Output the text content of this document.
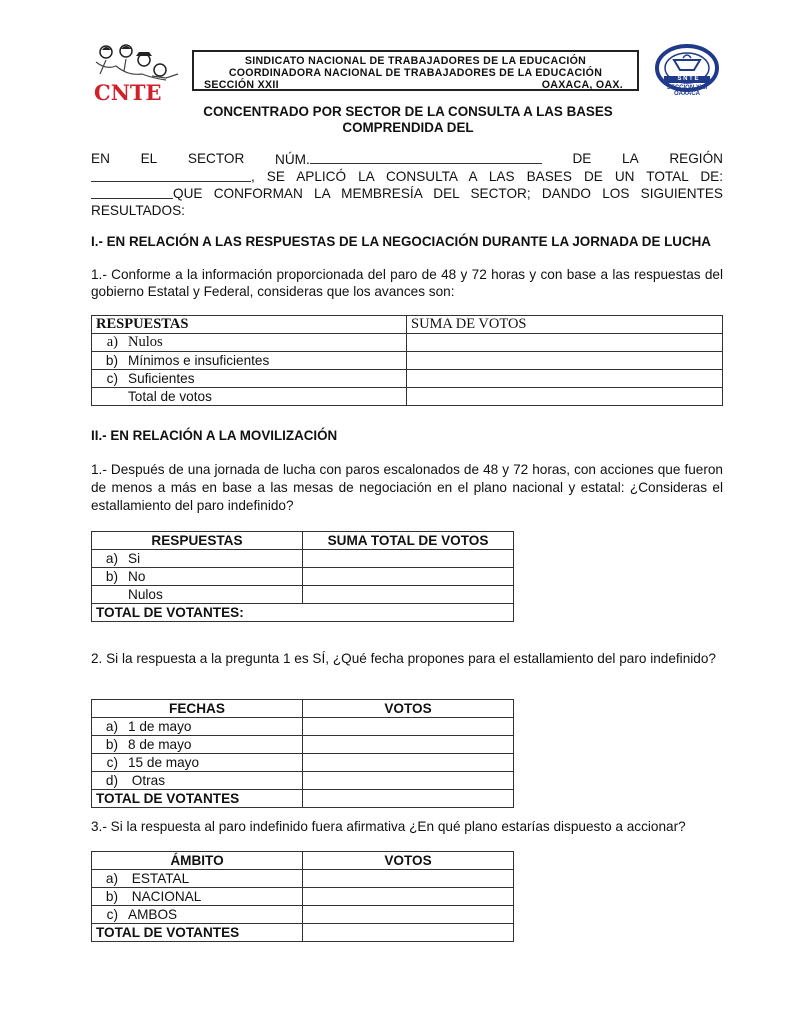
CNTE
SINDICATO NACIONAL DE TRABAJADORES DE LA EDUCACIÓN
COORDINADORA NACIONAL DE TRABAJADORES DE LA EDUCACIÓN
SECCIÓN XXII	OAXACA, OAX.	S N T E
SECCION XXII
OAXACA
CONCENTRADO POR SECTOR DE LA CONSULTA A LAS BASES
COMPRENDIDA DEL
EN EL SECTOR NÚM.	DE LA REGIÓN
, SE APLICÓ LA CONSULTA A LAS BASES DE UN TOTAL DE:
QUE CONFORMAN LA MEMBRESÍA DEL SECTOR; DANDO LOS SIGUIENTES
RESULTADOS:
I.- EN RELACIÓN A LAS RESPUESTAS DE LA NEGOCIACIÓN DURANTE LA JORNADA DE LUCHA
1.- Conforme a la información proporcionada del paro de 48 y 72 horas y con base a las respuestas del gobierno Estatal y Federal, consideras que los avances son:
RESPUESTAS	SUMA DE VOTOS
a) Nulos	
b) Mínimos e insuficientes	
c) Suficientes	
Total de votos	
II.- EN RELACIÓN A LA MOVILIZACIÓN
1.- Después de una jornada de lucha con paros escalonados de 48 y 72 horas, con acciones que fueron de menos a más en base a las mesas de negociación en el plano nacional y estatal: ¿Consideras el estallamiento del paro indefinido?
RESPUESTAS	SUMA TOTAL DE VOTOS
a) Si	
b) No	
Nulos	
TOTAL DE VOTANTES:	
2. Si la respuesta a la pregunta 1 es SÍ, ¿Qué fecha propones para el estallamiento del paro indefinido?
FECHAS	VOTOS
a) 1 de mayo	
b) 8 de mayo	
c) 15 de mayo	
d) Otras	
TOTAL DE VOTANTES	
3.- Si la respuesta al paro indefinido fuera afirmativa ¿En qué plano estarías dispuesto a accionar?
ÁMBITO	VOTOS
a) ESTATAL	
b) NACIONAL	
c) AMBOS	
TOTAL DE VOTANTES	
